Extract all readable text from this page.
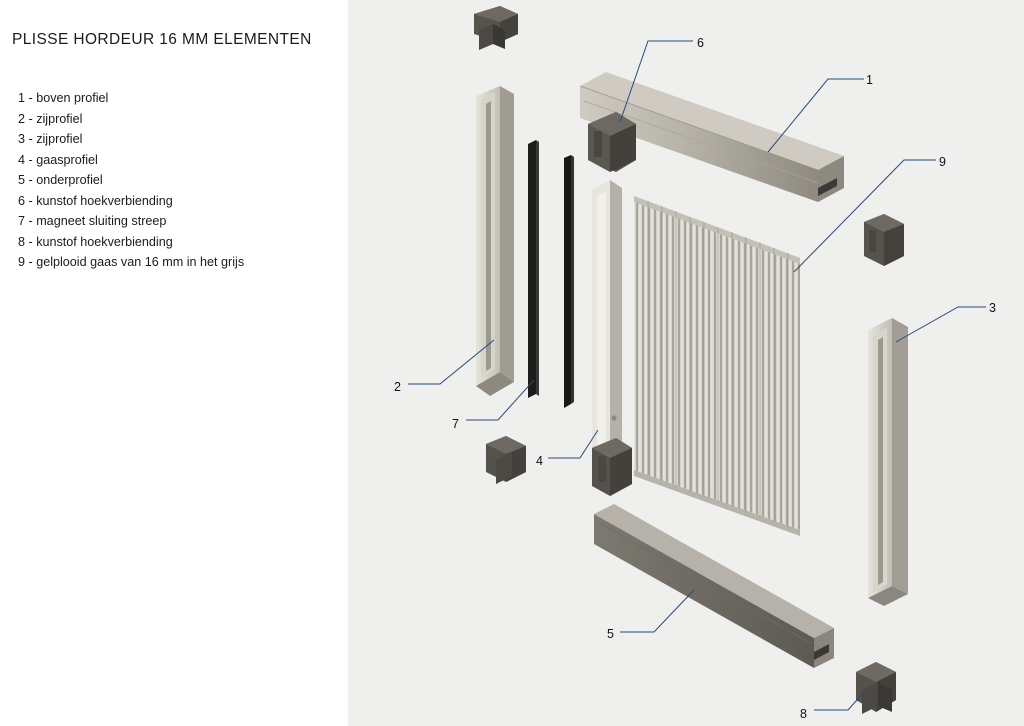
PLISSE HORDEUR 16 MM ELEMENTEN
1 - boven profiel
2 - zijprofiel
3 - zijprofiel
4 - gaasprofiel
5 - onderprofiel
6 - kunstof hoekverbiending
7 - magneet sluiting streep
8 - kunstof hoekverbiending
9 - gelplooid gaas van 16 mm in het grijs
6
1
9
3
2
7
4
5
8
